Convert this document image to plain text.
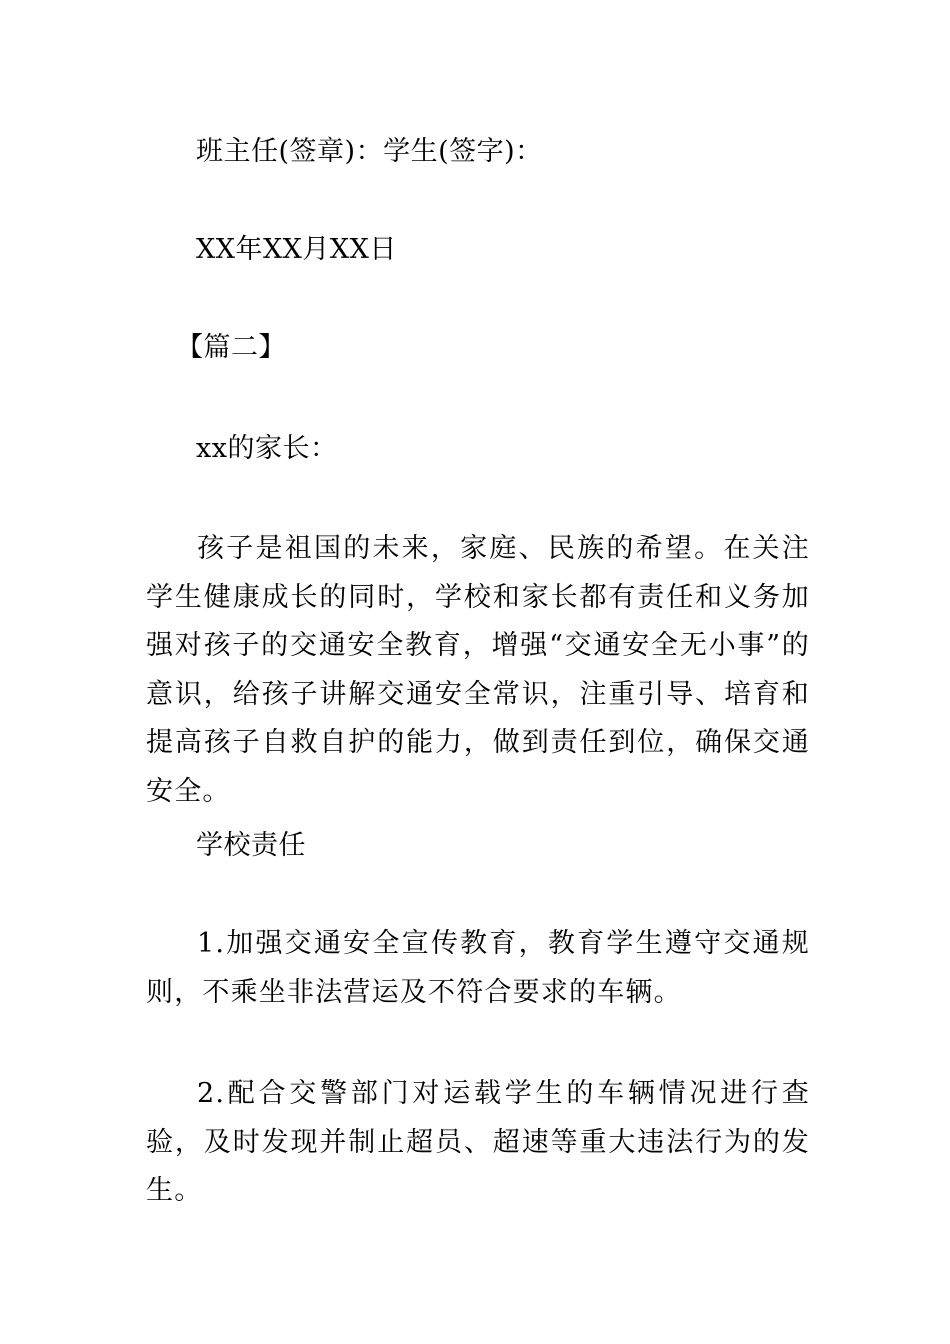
班主任(签章)：学生(签字)：
XX年XX月XX日
【篇二】
xx的家长：
孩子是祖国的未来，家庭、民族的希望。在关注学生健康成长的同时，学校和家长都有责任和义务加强对孩子的交通安全教育，增强“交通安全无小事”的意识，给孩子讲解交通安全常识，注重引导、培育和提高孩子自救自护的能力，做到责任到位，确保交通安全。
学校责任
1.加强交通安全宣传教育，教育学生遵守交通规则，不乘坐非法营运及不符合要求的车辆。
2.配合交警部门对运载学生的车辆情况进行查验，及时发现并制止超员、超速等重大违法行为的发生。
